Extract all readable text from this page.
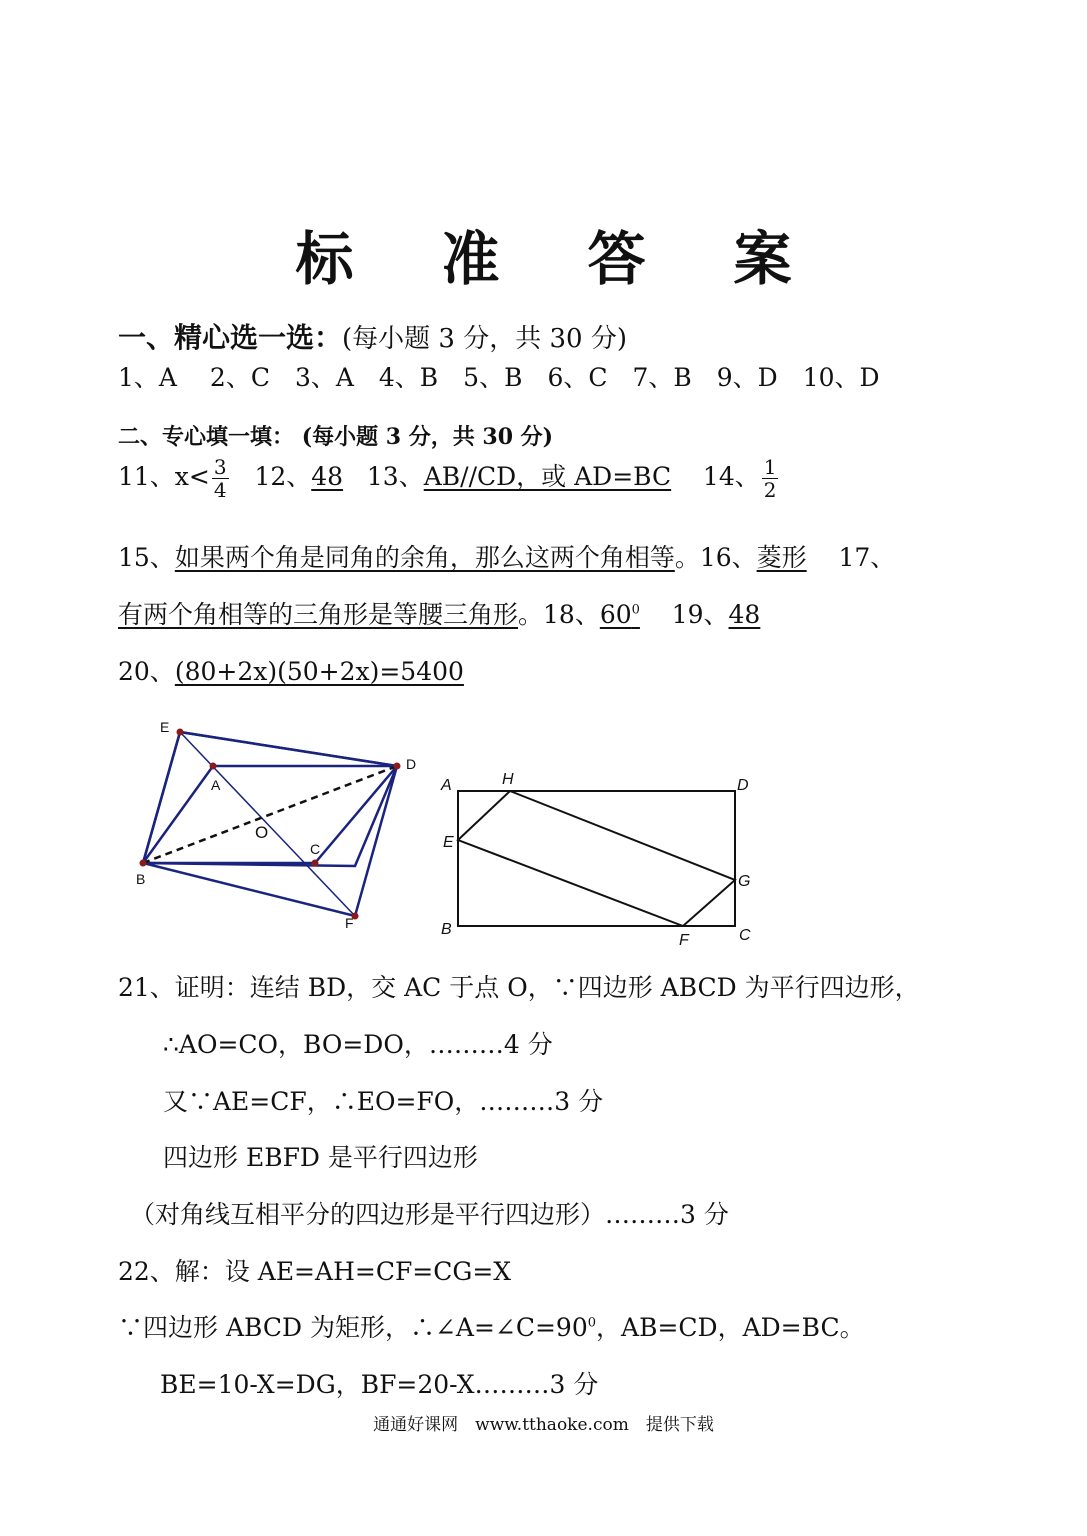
标 准 答 案
一、精心选一选：(每小题 3 分，共 30 分)
1、A　 2、C　3、A　4、B　5、B　6、C　7、B　9、D　10、D
二、专心填一填： (每小题 3 分，共 30 分)
11、$x< \frac{3}{4} 12$、48 13、AB//CD，或 AD=BC 14、 $\frac{1}{2}$
15、如果两个角是同角的余角，那么这两个角相等。16、菱形 17、
有两个角相等的三角形是等腰三角形。18、$60^0$ 19、48
20、(80+2x)(50+2x)=5400
E
A
D
O
C
B
F
A	H	D
E
G
B
F	C
21、证明：连结 BD，交 AC 于点 O，∵四边形 ABCD 为平行四边形，
∴AO=CO，BO=DO，………4 分
又∵AE=CF，∴EO=FO，………3 分
四边形 EBFD 是平行四边形
（对角线互相平分的四边形是平行四边形）………3 分
22、解：设 AE=AH=CF=CG=X
∵四边形 ABCD 为矩形，$\therefore\angle A=\angle C=90^0$，AB=CD，AD=BC。
BE=10-X=DG，BF=20-X………3 分
通通好课网　www.tthaoke.com　提供下载
